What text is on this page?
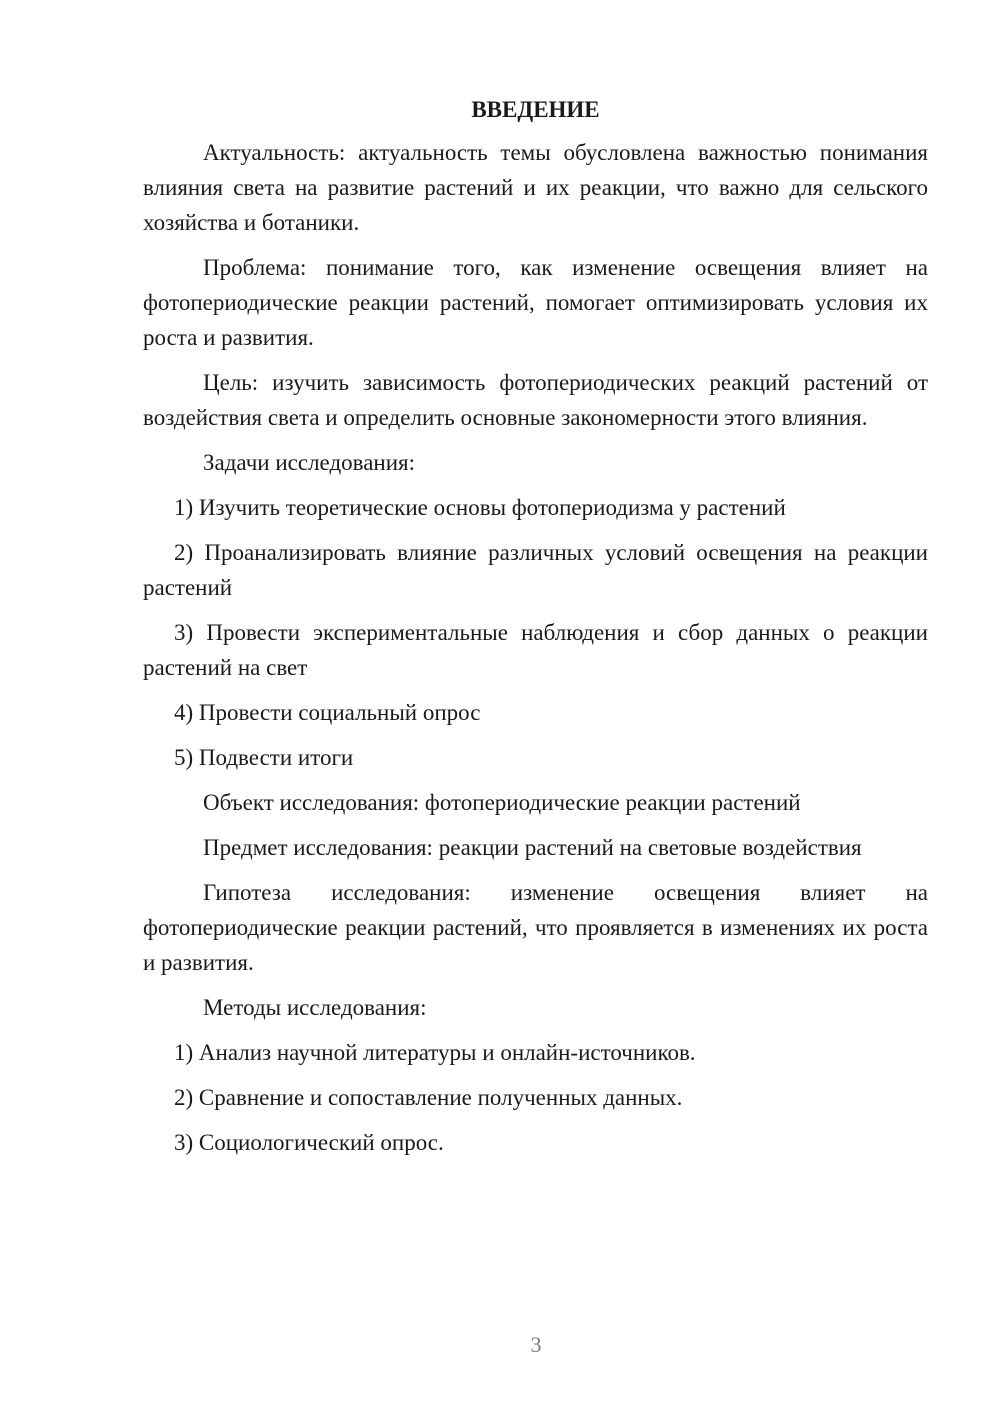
ВВЕДЕНИЕ

Актуальность: актуальность темы обусловлена важностью понимания влияния света на развитие растений и их реакции, что важно для сельского хозяйства и ботаники.

Проблема: понимание того, как изменение освещения влияет на фотопериодические реакции растений, помогает оптимизировать условия их роста и развития.

Цель: изучить зависимость фотопериодических реакций растений от воздействия света и определить основные закономерности этого влияния.

Задачи исследования:

1) Изучить теоретические основы фотопериодизма у растений

2) Проанализировать влияние различных условий освещения на реакции растений

3) Провести экспериментальные наблюдения и сбор данных о реакции растений на свет

4) Провести социальный опрос

5) Подвести итоги

Объект исследования: фотопериодические реакции растений

Предмет исследования: реакции растений на световые воздействия

Гипотеза исследования: изменение освещения влияет на фотопериодические реакции растений, что проявляется в изменениях их роста и развития.

Методы исследования:

1) Анализ научной литературы и онлайн-источников.

2) Сравнение и сопоставление полученных данных.

3) Социологический опрос.

3
